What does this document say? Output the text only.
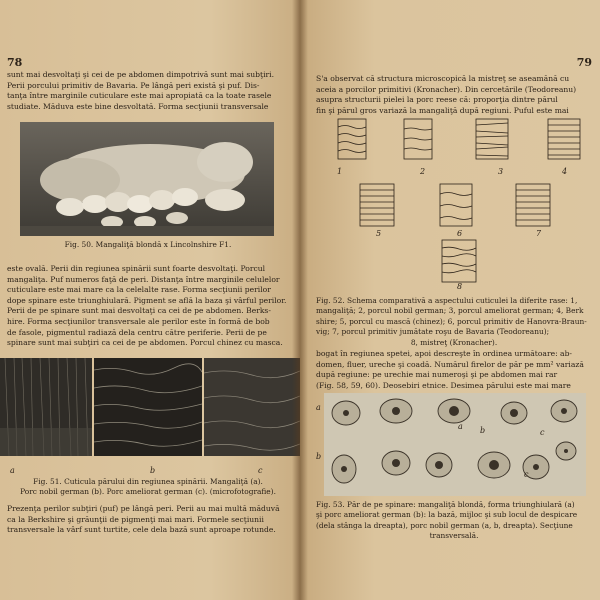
78
sunt mai desvoltaţi şi cei de pe abdomen dimpotrivă sunt mai subţiri.
Perii porcului primitiv de Bavaria. Pe lângă peri există şi puf. Dis-
tanţa între marginile cuticulare este mai apropiată ca la toate rasele
studiate. Măduva este bine desvoltată. Forma secţiunii transversale
Fig. 50. Mangaliţă blondă x Lincolnshire F1.
este ovală. Perii din regiunea spinării sunt foarte desvoltaţi. Porcul
mangaliţa. Puf numeros faţă de peri. Distanţa între marginile celulelor
cuticulare este mai mare ca la celelalte rase. Forma secţiunii perilor
dope spinare este triunghiulară. Pigment se află la baza şi vârful perilor.
Perii de pe spinare sunt mai desvoltaţi ca cei de pe abdomen. Berks-
hire. Forma secţiunilor transversale ale perilor este în formă de bob
de fasole, pigmentul radiază dela centru către periferie. Perii de pe
spinare sunt mai subţiri ca cei de pe abdomen. Porcul chinez cu masca.
a	b	c
Fig. 51. Cuticula părului din regiunea spinării. Mangaliţă (a).
Porc nobil german (b). Porc ameliorat german (c). (microfotografie).
Prezenţa perilor subţiri (puf) pe lângă peri. Perii au mai multă măduvă
ca la Berkshire şi grăunţii de pigmenţi mai mari. Formele secţiunii
transversale la vârf sunt turtite, cele dela bază sunt aproape rotunde.
79
S'a observat că structura microscopică la mistreţ se aseamănă cu
aceia a porcilor primitivi (Kronacher). Din cercetările (Teodoreanu)
asupra structurii pielei la porc reese că: proporţia dintre părul
fin şi părul gros variază la mangaliţă după regiuni. Puful este mai
1	2	3	4
5	6	7
8
Fig. 52. Schema comparativă a aspectului cuticulei la diferite rase: 1,
mangaliţă; 2, porcul nobil german; 3, porcul ameliorat german; 4, Berk
shire; 5, porcul cu mască (chinez); 6, porcul primitiv de Hanovra-Braun-
vig; 7, porcul primitiv jumătate roşu de Bavaria (Teodoreanu);
8, mistreţ (Kronacher).
bogat în regiunea spetei, apoi descreşte în ordinea următoare: ab-
domen, fluer, ureche şi coadă. Numărul firelor de păr pe mm² variază
după regiune: pe urechie mai numeroşi şi pe abdomen mai rar
(Fig. 58, 59, 60). Deosebiri etnice. Desimea părului este mai mare
a b	c
a
b
c
Fig. 53. Păr de pe spinare: mangaliţă blondă, forma triunghiulară (a)
şi porc ameliorat german (b): la bază, mijloc şi sub locul de despicare
(dela stânga la dreapta), porc nobil german (a, b, dreapta). Secţiune
transversală.
